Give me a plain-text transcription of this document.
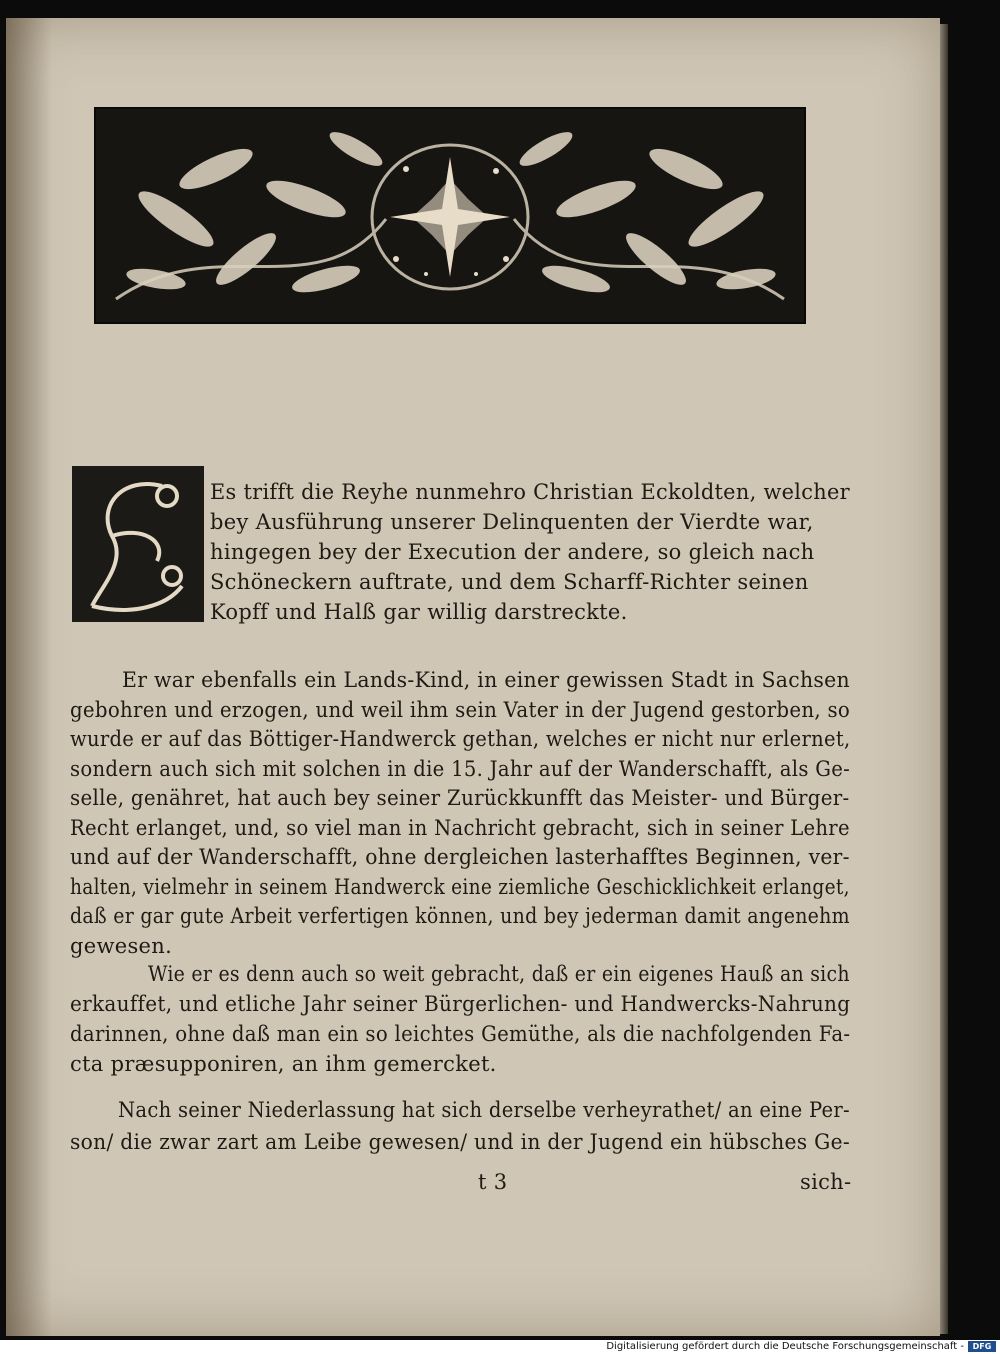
Es trifft die Reyhe nunmehro Christian Eckoldten, welcher
bey Ausführung unserer Delinquenten der Vierdte war,
hingegen bey der Execution der andere, so gleich nach
Schöneckern auftrate, und dem Scharff-Richter seinen
Kopff und Halß gar willig darstreckte.
Er war ebenfalls ein Lands-Kind, in einer gewissen Stadt in Sachsen
gebohren und erzogen, und weil ihm sein Vater in der Jugend gestorben, so
wurde er auf das Böttiger-Handwerck gethan, welches er nicht nur erlernet,
sondern auch sich mit solchen in die 15. Jahr auf der Wanderschafft, als Ge-
selle, genähret, hat auch bey seiner Zurückkunfft das Meister- und Bürger-
Recht erlanget, und, so viel man in Nachricht gebracht, sich in seiner Lehre
und auf der Wanderschafft, ohne dergleichen lasterhafftes Beginnen, ver-
halten, vielmehr in seinem Handwerck eine ziemliche Geschicklichkeit erlanget,
daß er gar gute Arbeit verfertigen können, und bey jederman damit angenehm
gewesen.
Wie er es denn auch so weit gebracht, daß er ein eigenes Hauß an sich
erkauffet, und etliche Jahr seiner Bürgerlichen- und Handwercks-Nahrung
darinnen, ohne daß man ein so leichtes Gemüthe, als die nachfolgenden Fa-
cta præsupponiren, an ihm gemercket.
Nach seiner Niederlassung hat sich derselbe verheyrathet/ an eine Per-
son/ die zwar zart am Leibe gewesen/ und in der Jugend ein hübsches Ge-
sich-
t 3
Digitalisierung gefördert durch die Deutsche Forschungsgemeinschaft -	DFG
